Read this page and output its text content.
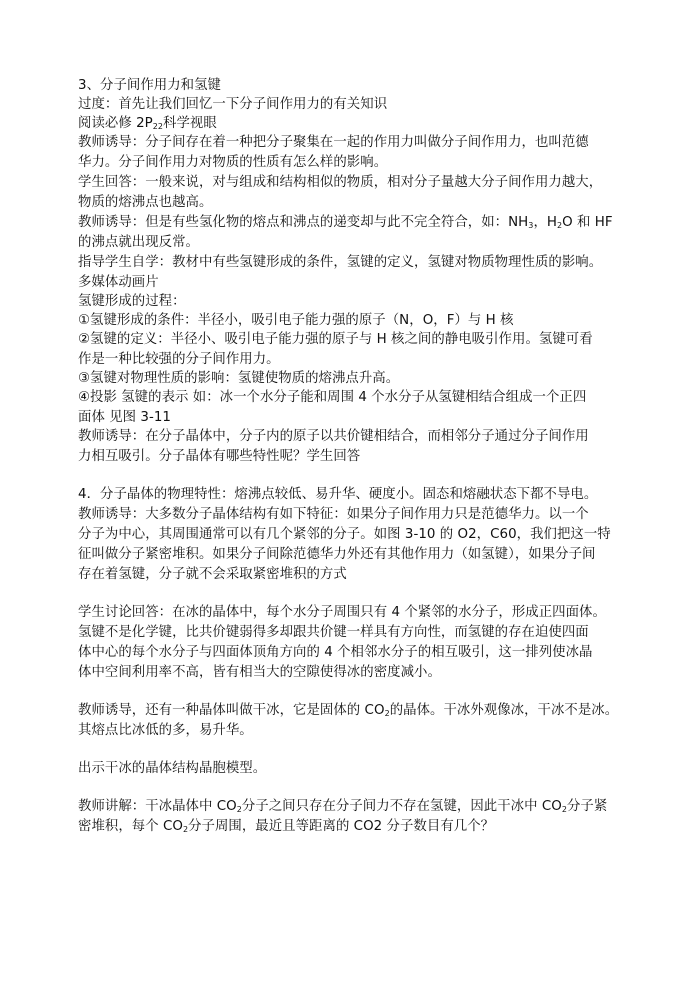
3、分子间作用力和氢键
过度：首先让我们回忆一下分子间作用力的有关知识
阅读必修 $2P_{22}$科学视眼
教师诱导：分子间存在着一种把分子聚集在一起的作用力叫做分子间作用力，也叫范德
华力。分子间作用力对物质的性质有怎么样的影响。
学生回答：一般来说，对与组成和结构相似的物质，相对分子量越大分子间作用力越大，
物质的熔沸点也越高。
教师诱导：但是有些氢化物的熔点和沸点的递变却与此不完全符合，如：$NH_3$，$H_2O$ 和 HF
的沸点就出现反常。
指导学生自学：教材中有些氢键形成的条件，氢键的定义，氢键对物质物理性质的影响。
多媒体动画片
氢键形成的过程：
①氢键形成的条件：半径小，吸引电子能力强的原子（N，O，F）与 H 核
②氢键的定义：半径小、吸引电子能力强的原子与 H 核之间的静电吸引作用。氢键可看
作是一种比较强的分子间作用力。
③氢键对物理性质的影响：氢键使物质的熔沸点升高。
④投影 氢键的表示 如：冰一个水分子能和周围 4 个水分子从氢键相结合组成一个正四
面体 见图 3-11
教师诱导：在分子晶体中，分子内的原子以共价键相结合，而相邻分子通过分子间作用
力相互吸引。分子晶体有哪些特性呢？学生回答
4．分子晶体的物理特性：熔沸点较低、易升华、硬度小。固态和熔融状态下都不导电。
教师诱导：大多数分子晶体结构有如下特征：如果分子间作用力只是范德华力。以一个
分子为中心，其周围通常可以有几个紧邻的分子。如图 3-10 的 O2，C60，我们把这一特
征叫做分子紧密堆积。如果分子间除范德华力外还有其他作用力（如氢键），如果分子间
存在着氢键，分子就不会采取紧密堆积的方式
学生讨论回答：在冰的晶体中，每个水分子周围只有 4 个紧邻的水分子，形成正四面体。
氢键不是化学键，比共价键弱得多却跟共价键一样具有方向性，而氢键的存在迫使四面
体中心的每个水分子与四面体顶角方向的 4 个相邻水分子的相互吸引，这一排列使冰晶
体中空间利用率不高，皆有相当大的空隙使得冰的密度减小。
教师诱导，还有一种晶体叫做干冰，它是固体的 $CO_2$的晶体。干冰外观像冰，干冰不是冰。
其熔点比冰低的多，易升华。
出示干冰的晶体结构晶胞模型。
教师讲解：干冰晶体中 $CO_2$分子之间只存在分子间力不存在氢键，因此干冰中 $CO_2$分子紧
密堆积，每个 $CO_2$分子周围，最近且等距离的 CO2 分子数目有几个？
